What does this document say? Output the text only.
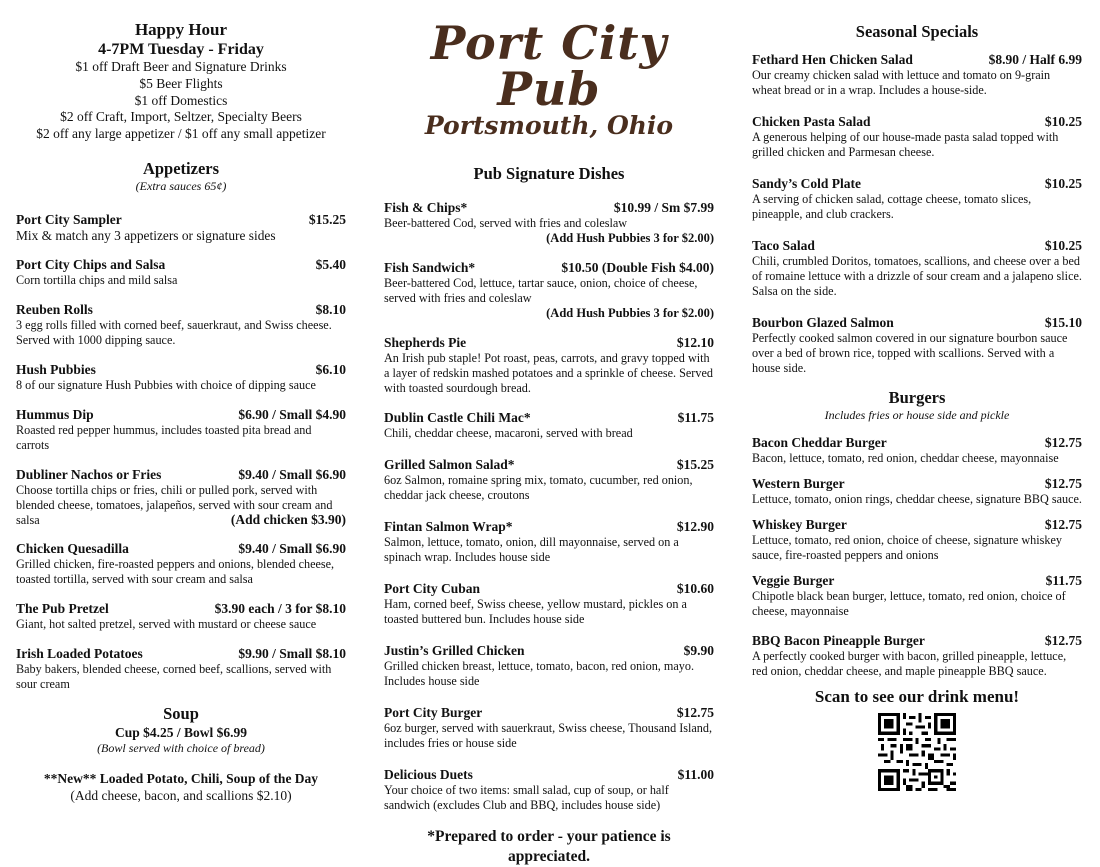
Happy Hour
4-7PM Tuesday - Friday
$1 off Draft Beer and Signature Drinks
$5 Beer Flights
$1 off Domestics
$2 off Craft, Import, Seltzer, Specialty Beers
$2 off any large appetizer / $1 off any small appetizer
Appetizers
(Extra sauces 65¢)
Port City Sampler	$15.25
Mix & match any 3 appetizers or signature sides
Port City Chips and Salsa	$5.40
Corn tortilla chips and mild salsa
Reuben Rolls	$8.10
3 egg rolls filled with corned beef, sauerkraut, and Swiss cheese. Served with 1000 dipping sauce.
Hush Pubbies	$6.10
8 of our signature Hush Pubbies with choice of dipping sauce
Hummus Dip	$6.90 / Small $4.90
Roasted red pepper hummus, includes toasted pita bread and carrots
Dubliner Nachos or Fries	$9.40 / Small $6.90
Choose tortilla chips or fries, chili or pulled pork, served with blended cheese, tomatoes, jalapeños, served with sour cream and salsa	(Add chicken $3.90)
Chicken Quesadilla	$9.40 / Small $6.90
Grilled chicken, fire-roasted peppers and onions, blended cheese, toasted tortilla, served with sour cream and salsa
The Pub Pretzel	$3.90 each / 3 for $8.10
Giant, hot salted pretzel, served with mustard or cheese sauce
Irish Loaded Potatoes	$9.90 / Small $8.10
Baby bakers, blended cheese, corned beef, scallions, served with sour cream
Soup
Cup $4.25 / Bowl $6.99
(Bowl served with choice of bread)
**New** Loaded Potato, Chili, Soup of the Day
(Add cheese, bacon, and scallions $2.10)
Port City Pub
Portsmouth, Ohio
Pub Signature Dishes
Fish & Chips*	$10.99 / Sm $7.99
Beer-battered Cod, served with fries and coleslaw
(Add Hush Pubbies 3 for $2.00)
Fish Sandwich*	$10.50 (Double Fish $4.00)
Beer-battered Cod, lettuce, tartar sauce, onion, choice of cheese, served with fries and coleslaw
(Add Hush Pubbies 3 for $2.00)
Shepherds Pie	$12.10
An Irish pub staple! Pot roast, peas, carrots, and gravy topped with a layer of redskin mashed potatoes and a sprinkle of cheese. Served with toasted sourdough bread.
Dublin Castle Chili Mac*	$11.75
Chili, cheddar cheese, macaroni, served with bread
Grilled Salmon Salad*	$15.25
6oz Salmon, romaine spring mix, tomato, cucumber, red onion, cheddar jack cheese, croutons
Fintan Salmon Wrap*	$12.90
Salmon, lettuce, tomato, onion, dill mayonnaise, served on a spinach wrap. Includes house side
Port City Cuban	$10.60
Ham, corned beef, Swiss cheese, yellow mustard, pickles on a toasted buttered bun. Includes house side
Justin’s Grilled Chicken	$9.90
Grilled chicken breast, lettuce, tomato, bacon, red onion, mayo. Includes house side
Port City Burger	$12.75
6oz burger, served with sauerkraut, Swiss cheese, Thousand Island, includes fries or house side
Delicious Duets	$11.00
Your choice of two items: small salad, cup of soup, or half sandwich (excludes Club and BBQ, includes house side)
*Prepared to order - your patience is appreciated.
Seasonal Specials
Fethard Hen Chicken Salad	$8.90 / Half 6.99
Our creamy chicken salad with lettuce and tomato on 9-grain wheat bread or in a wrap. Includes a house-side.
Chicken Pasta Salad	$10.25
A generous helping of our house-made pasta salad topped with grilled chicken and Parmesan cheese.
Sandy’s Cold Plate	$10.25
A serving of chicken salad, cottage cheese, tomato slices, pineapple, and club crackers.
Taco Salad	$10.25
Chili, crumbled Doritos, tomatoes, scallions, and cheese over a bed of romaine lettuce with a drizzle of sour cream and a jalapeno slice. Salsa on the side.
Bourbon Glazed Salmon	$15.10
Perfectly cooked salmon covered in our signature bourbon sauce over a bed of brown rice, topped with scallions. Served with a house side.
Burgers
Includes fries or house side and pickle
Bacon Cheddar Burger	$12.75
Bacon, lettuce, tomato, red onion, cheddar cheese, mayonnaise
Western Burger	$12.75
Lettuce, tomato, onion rings, cheddar cheese, signature BBQ sauce.
Whiskey Burger	$12.75
Lettuce, tomato, red onion, choice of cheese, signature whiskey sauce, fire-roasted peppers and onions
Veggie Burger	$11.75
Chipotle black bean burger, lettuce, tomato, red onion, choice of cheese, mayonnaise
BBQ Bacon Pineapple Burger	$12.75
A perfectly cooked burger with bacon, grilled pineapple, lettuce, red onion, cheddar cheese, and maple pineapple BBQ sauce.
Scan to see our drink menu!
